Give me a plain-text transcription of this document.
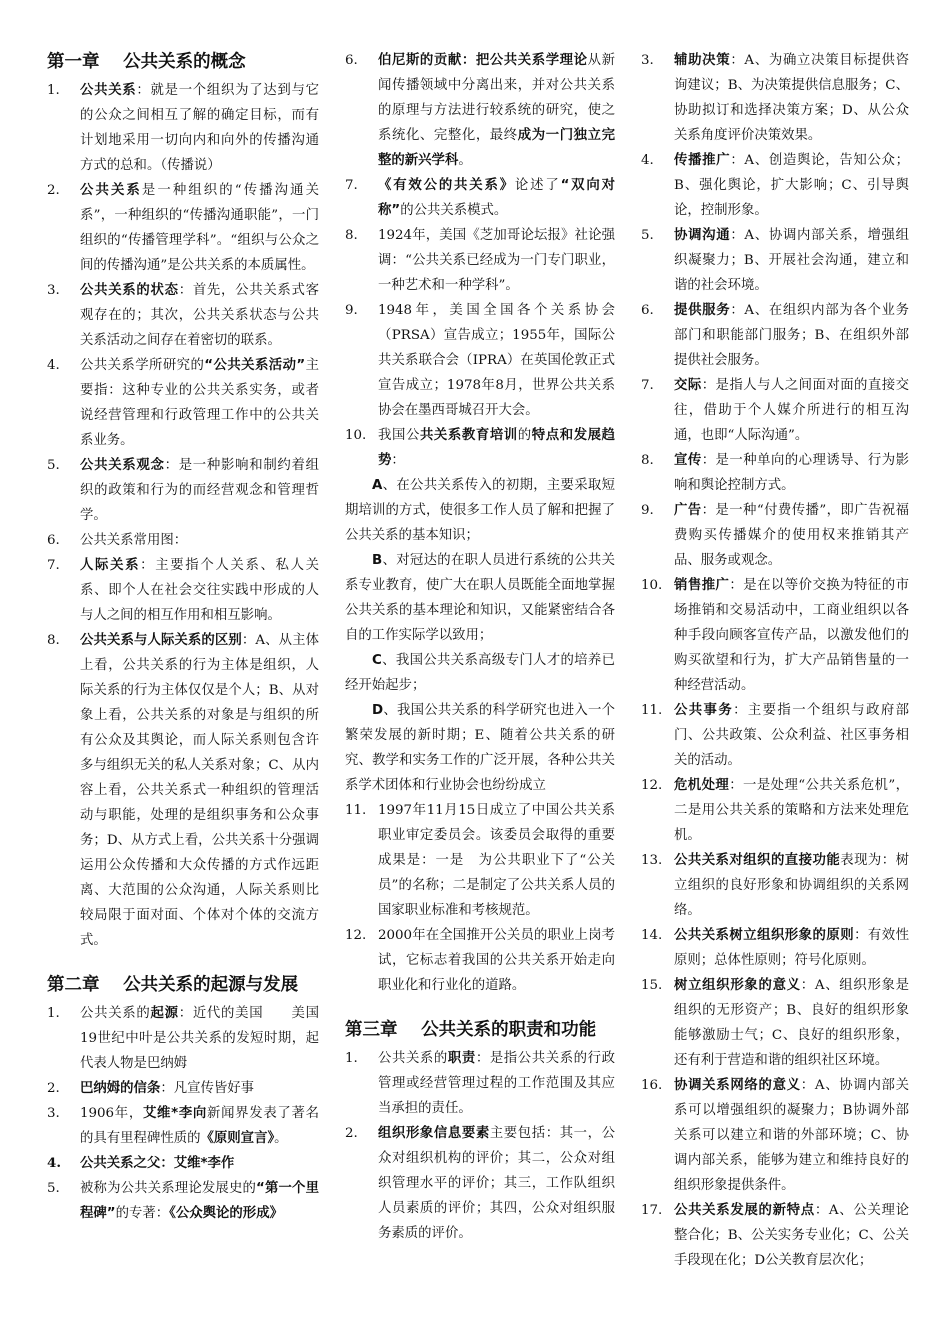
第一章　 公共关系的概念
1.	公共关系：就是一个组织为了达到与它的公众之间相互了解的确定目标，而有计划地采用一切向内和向外的传播沟通方式的总和。（传播说）
2.	公共关系是一种组织的“传播沟通关系”，一种组织的“传播沟通职能”，一门组织的“传播管理学科”。“组织与公众之间的传播沟通”是公共关系的本质属性。
3.	公共关系的状态：首先，公共关系式客观存在的；其次，公共关系状态与公共关系活动之间存在着密切的联系。
4.	公共关系学所研究的“公共关系活动”主要指：这种专业的公共关系实务，或者说经营管理和行政管理工作中的公共关系业务。
5.	公共关系观念：是一种影响和制约着组织的政策和行为的而经营观念和管理哲学。
6.	公共关系常用图：
7.	人际关系：主要指个人关系、私人关系、即个人在社会交往实践中形成的人与人之间的相互作用和相互影响。
8.	公共关系与人际关系的区别：A、从主体上看，公共关系的行为主体是组织，人际关系的行为主体仅仅是个人；B、从对象上看，公共关系的对象是与组织的所有公众及其舆论，而人际关系则包含许多与组织无关的私人关系对象；C、从内容上看，公共关系式一种组织的管理活动与职能，处理的是组织事务和公众事务；D、从方式上看，公共关系十分强调运用公众传播和大众传播的方式作远距离、大范围的公众沟通，人际关系则比较局限于面对面、个体对个体的交流方式。
第二章　 公共关系的起源与发展
1.	公共关系的起源：近代的美国　　美国19世纪中叶是公共关系的发短时期，起代表人物是巴纳姆
2.	巴纳姆的信条：凡宣传皆好事
3.	1906年，艾维*李向新闻界发表了著名的具有里程碑性质的《原则宣言》。
4.	公共关系之父：艾维*李作
5.	被称为公共关系理论发展史的“第一个里程碑”的专著：《公众舆论的形成》
6.	伯尼斯的贡献：把公共关系学理论从新闻传播领域中分离出来，并对公共关系的原理与方法进行较系统的研究，使之系统化、完整化，最终成为一门独立完整的新兴学科。
7.	《有效公的共关系》论述了“双向对称”的公共关系模式。
8.	1924年，美国《芝加哥论坛报》社论强调：“公共关系已经成为一门专门职业，一种艺术和一种学科”。
9.	1948年，美国全国各个关系协会（PRSA）宣告成立；1955年，国际公共关系联合会（IPRA）在英国伦敦正式宣告成立；1978年8月，世界公共关系协会在墨西哥城召开大会。
10. 我国公共关系教育培训的特点和发展趋势：
A、在公共关系传入的初期，主要采取短期培训的方式，使很多工作人员了解和把握了公共关系的基本知识；
B、对冠达的在职人员进行系统的公共关系专业教育，使广大在职人员既能全面地掌握公共关系的基本理论和知识，又能紧密结合各自的工作实际学以致用；
C、我国公共关系高级专门人才的培养已经开始起步；
D、我国公共关系的科学研究也进入一个繁荣发展的新时期；E、随着公共关系的研究、教学和实务工作的广泛开展，各种公共关系学术团体和行业协会也纷纷成立
11. 1997年11月15日成立了中国公共关系职业审定委员会。该委员会取得的重要成果是：一是　为公共职业下了“公关员”的名称；二是制定了公共关系人员的国家职业标准和考核规范。
12. 2000年在全国推开公关员的职业上岗考试，它标志着我国的公共关系开始走向职业化和行业化的道路。
第三章　 公共关系的职责和功能
1.	公共关系的职责：是指公共关系的行政管理或经营管理过程的工作范围及其应当承担的责任。
2.	组织形象信息要素主要包括：其一，公众对组织机构的评价；其二，公众对组织管理水平的评价；其三，工作队组织人员素质的评价；其四，公众对组织服务素质的评价。
3.	辅助决策：A、为确立决策目标提供咨询建议；B、为决策提供信息服务；C、协助拟订和选择决策方案；D、从公众关系角度评价决策效果。
4.	传播推广：A、创造舆论，告知公众；B、强化舆论，扩大影响；C、引导舆论，控制形象。
5.	协调沟通：A、协调内部关系，增强组织凝聚力；B、开展社会沟通，建立和谐的社会环境。
6.	提供服务：A、在组织内部为各个业务部门和职能部门服务；B、在组织外部提供社会服务。
7.	交际：是指人与人之间面对面的直接交往，借助于个人媒介所进行的相互沟通，也即“人际沟通”。
8.	宣传：是一种单向的心理诱导、行为影响和舆论控制方式。
9.	广告：是一种“付费传播”，即广告祝福费购买传播媒介的使用权来推销其产品、服务或观念。
10. 销售推广：是在以等价交换为特征的市场推销和交易活动中，工商业组织以各种手段向顾客宣传产品，以激发他们的购买欲望和行为，扩大产品销售量的一种经营活动。
11. 公共事务：主要指一个组织与政府部门、公共政策、公众利益、社区事务相关的活动。
12. 危机处理：一是处理“公共关系危机”，二是用公共关系的策略和方法来处理危机。
13. 公共关系对组织的直接功能表现为：树立组织的良好形象和协调组织的关系网络。
14. 公共关系树立组织形象的原则：有效性原则；总体性原则；符号化原则。
15. 树立组织形象的意义：A、组织形象是组织的无形资产；B、良好的组织形象能够激励士气；C、良好的组织形象，还有利于营造和谐的组织社区环境。
16. 协调关系网络的意义：A、协调内部关系可以增强组织的凝聚力；B协调外部关系可以建立和谐的外部环境；C、协调内部关系，能够为建立和维持良好的组织形象提供条件。
17. 公共关系发展的新特点：A、公关理论整合化；B、公关实务专业化；C、公关手段现在化；D公关教育层次化；
